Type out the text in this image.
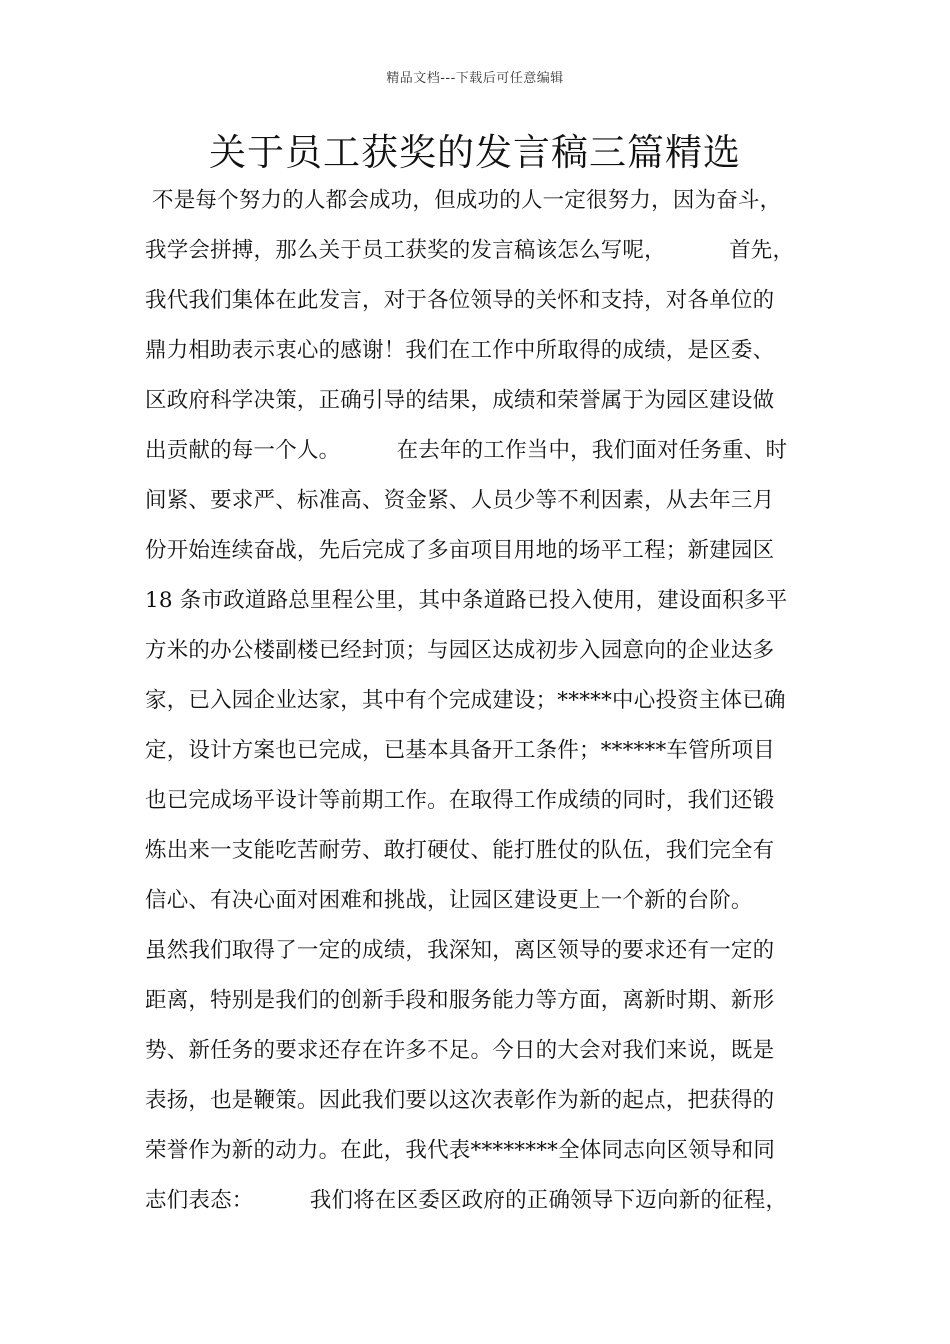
精品文档---下载后可任意编辑
关于员工获奖的发言稿三篇精选
不是每个努力的人都会成功，但成功的人一定很努力，因为奋斗，
我学会拼搏，那么关于员工获奖的发言稿该怎么写呢，         首先，
我代我们集体在此发言，对于各位领导的关怀和支持，对各单位的
鼎力相助表示衷心的感谢！我们在工作中所取得的成绩，是区委、
区政府科学决策，正确引导的结果，成绩和荣誉属于为园区建设做
出贡献的每一个人。        在去年的工作当中，我们面对任务重、时
间紧、要求严、标准高、资金紧、人员少等不利因素，从去年三月
份开始连续奋战，先后完成了多亩项目用地的场平工程；新建园区
18 条市政道路总里程公里，其中条道路已投入使用，建设面积多平
方米的办公楼副楼已经封顶；与园区达成初步入园意向的企业达多
家，已入园企业达家，其中有个完成建设；*****中心投资主体已确
定，设计方案也已完成，已基本具备开工条件；******车管所项目
也已完成场平设计等前期工作。在取得工作成绩的同时，我们还锻
炼出来一支能吃苦耐劳、敢打硬仗、能打胜仗的队伍，我们完全有
信心、有决心面对困难和挑战，让园区建设更上一个新的台阶。
虽然我们取得了一定的成绩，我深知，离区领导的要求还有一定的
距离，特别是我们的创新手段和服务能力等方面，离新时期、新形
势、新任务的要求还存在许多不足。今日的大会对我们来说，既是
表扬，也是鞭策。因此我们要以这次表彰作为新的起点，把获得的
荣誉作为新的动力。在此，我代表********全体同志向区领导和同
志们表态：        我们将在区委区政府的正确领导下迈向新的征程，
